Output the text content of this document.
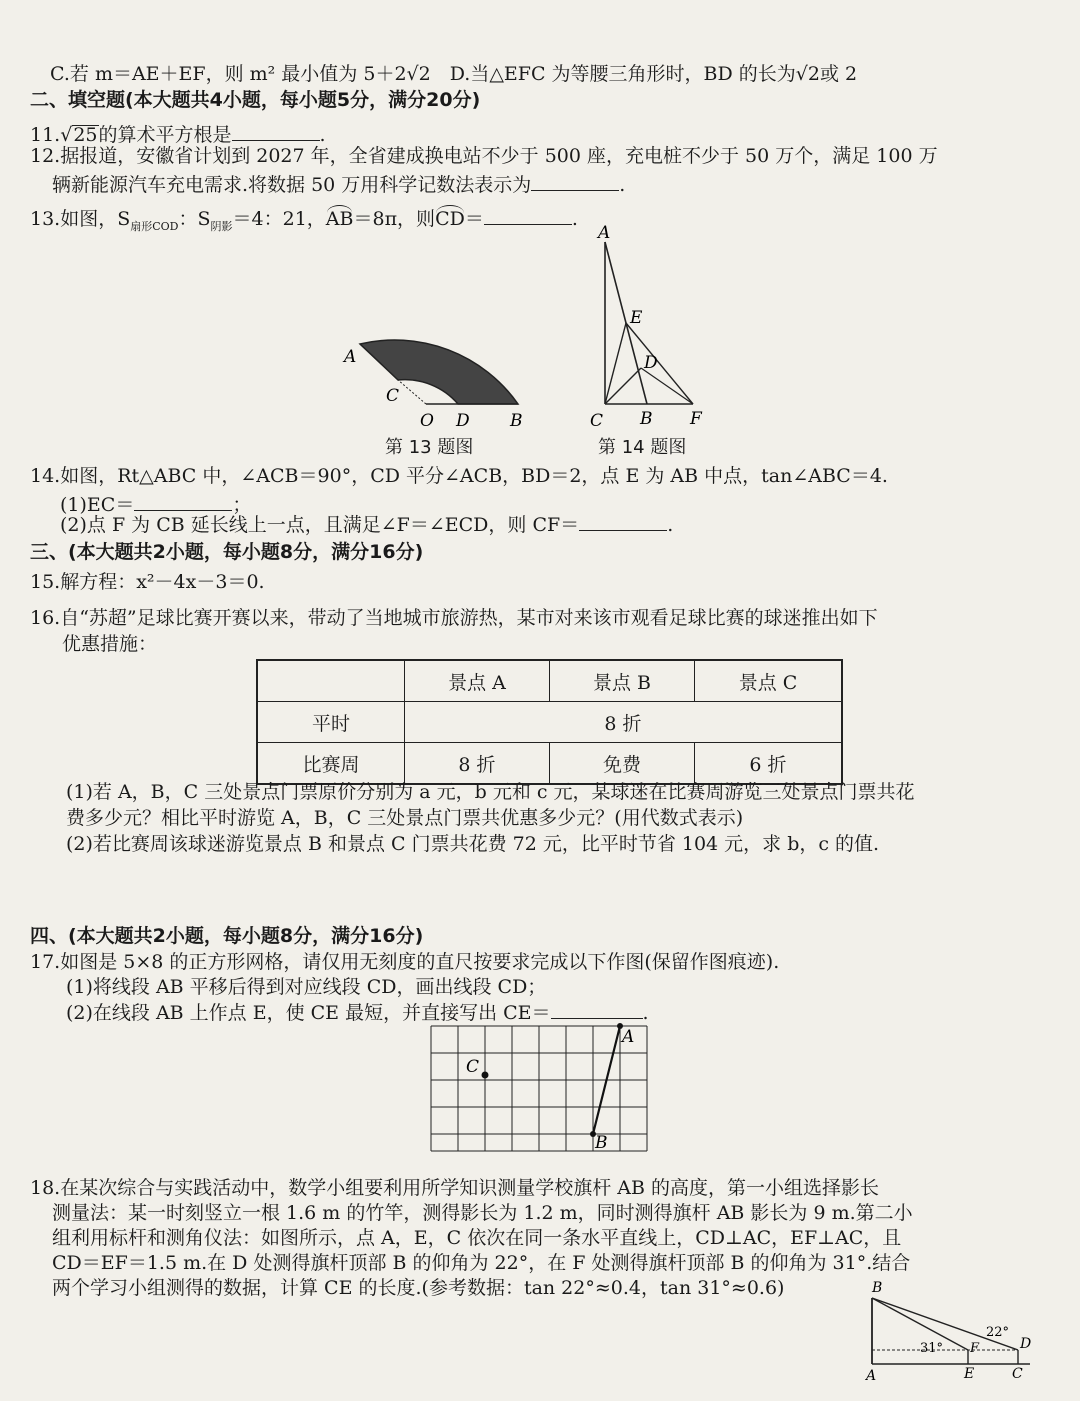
C.若 m＝AE＋EF，则 m² 最小值为 5＋2√2　D.当△EFC 为等腰三角形时，BD 的长为√2或 2
二、填空题(本大题共4小题，每小题5分，满分20分)
11.√25的算术平方根是	.
12.据报道，安徽省计划到 2027 年，全省建成换电站不少于 500 座，充电桩不少于 50 万个，满足 100 万
辆新能源汽车充电需求.将数据 50 万用科学记数法表示为	.
13.如图，$S_{扇形COD}$：$S_{阴影}=4$：21，AB＝8π，则CD＝	.
A
C
O D B
第 13 题图
A
E
D
C B F
第 14 题图
14.如图，Rt△ABC 中，∠ACB＝90°，CD 平分∠ACB，BD＝2，点 E 为 AB 中点，tan∠ABC＝4.
(1)EC＝	；
(2)点 F 为 CB 延长线上一点，且满足∠F＝∠ECD，则 CF＝	.
三、(本大题共2小题，每小题8分，满分16分)
15.解方程：x²－4x－3＝0.
16.自“苏超”足球比赛开赛以来，带动了当地城市旅游热，某市对来该市观看足球比赛的球迷推出如下
优惠措施：
	景点 A	景点 B	景点 C
平时	8 折		
比赛周	8 折	免费	6 折
(1)若 A，B，C 三处景点门票原价分别为 a 元，b 元和 c 元，某球迷在比赛周游览三处景点门票共花
费多少元？相比平时游览 A，B，C 三处景点门票共优惠多少元？(用代数式表示)
(2)若比赛周该球迷游览景点 B 和景点 C 门票共花费 72 元，比平时节省 104 元，求 b，c 的值.
四、(本大题共2小题，每小题8分，满分16分)
17.如图是 5×8 的正方形网格，请仅用无刻度的直尺按要求完成以下作图(保留作图痕迹).
(1)将线段 AB 平移后得到对应线段 CD，画出线段 CD；
(2)在线段 AB 上作点 E，使 CE 最短，并直接写出 CE＝	.
A
B
C
18.在某次综合与实践活动中，数学小组要利用所学知识测量学校旗杆 AB 的高度，第一小组选择影长
测量法：某一时刻竖立一根 1.6 m 的竹竿，测得影长为 1.2 m，同时测得旗杆 AB 影长为 9 m.第二小
组利用标杆和测角仪法：如图所示，点 A，E，C 依次在同一条水平直线上，CD⊥AC，EF⊥AC，且
CD＝EF＝1.5 m.在 D 处测得旗杆顶部 B 的仰角为 22°，在 F 处测得旗杆顶部 B 的仰角为 31°.结合
两个学习小组测得的数据，计算 CE 的长度.(参考数据：tan 22°≈0.4，tan 31°≈0.6)	B
A	E
F
C
D
31°
22°
